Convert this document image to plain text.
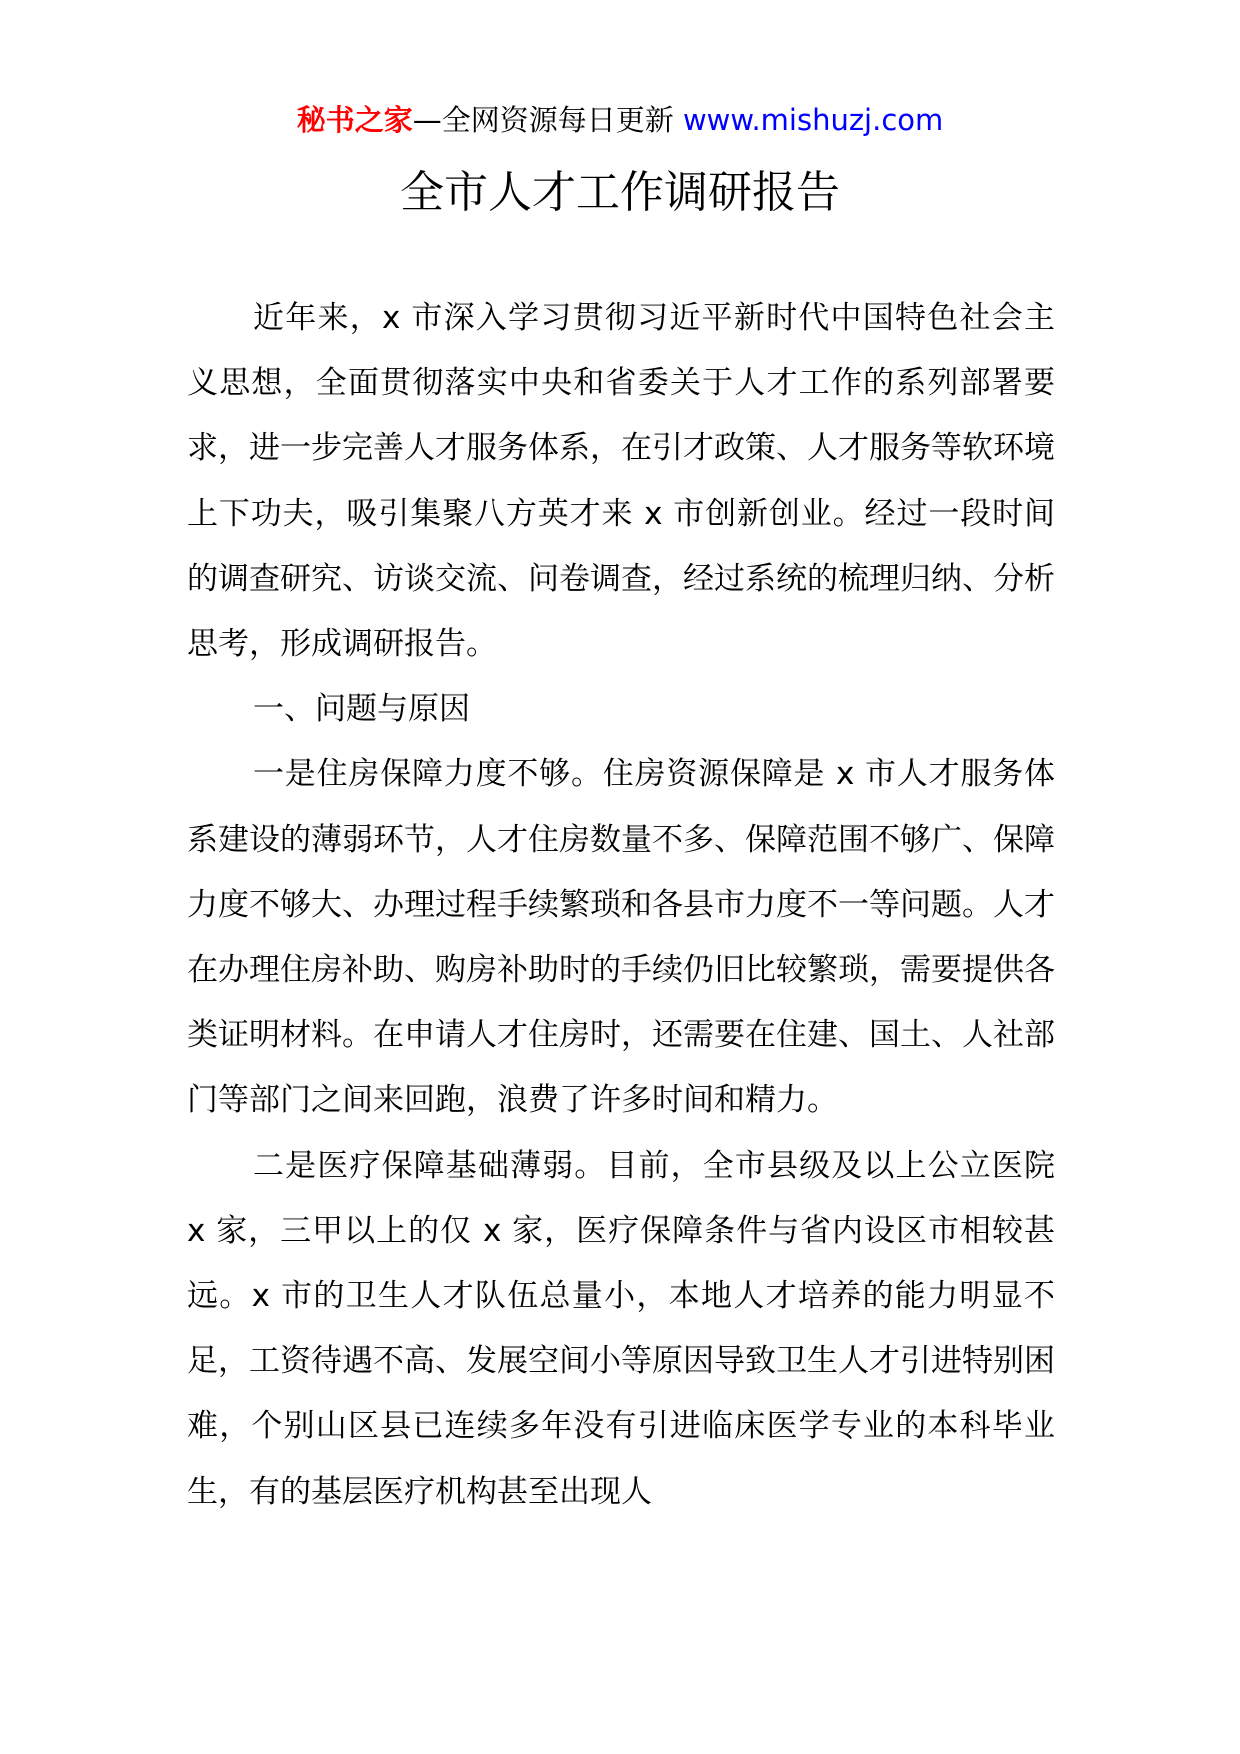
秘书之家—全网资源每日更新 www.mishuzj.com
全市人才工作调研报告

近年来，x 市深入学习贯彻习近平新时代中国特色社会主义思想，全面贯彻落实中央和省委关于人才工作的系列部署要求，进一步完善人才服务体系，在引才政策、人才服务等软环境上下功夫，吸引集聚八方英才来 x 市创新创业。经过一段时间的调查研究、访谈交流、问卷调查，经过系统的梳理归纳、分析思考，形成调研报告。

一、问题与原因

一是住房保障力度不够。住房资源保障是 x 市人才服务体系建设的薄弱环节，人才住房数量不多、保障范围不够广、保障力度不够大、办理过程手续繁琐和各县市力度不一等问题。人才在办理住房补助、购房补助时的手续仍旧比较繁琐，需要提供各类证明材料。在申请人才住房时，还需要在住建、国土、人社部门等部门之间来回跑，浪费了许多时间和精力。

二是医疗保障基础薄弱。目前，全市县级及以上公立医院 x 家，三甲以上的仅 x 家，医疗保障条件与省内设区市相较甚远。x 市的卫生人才队伍总量小，本地人才培养的能力明显不足，工资待遇不高、发展空间小等原因导致卫生人才引进特别困难，个别山区县已连续多年没有引进临床医学专业的本科毕业生，有的基层医疗机构甚至出现人
